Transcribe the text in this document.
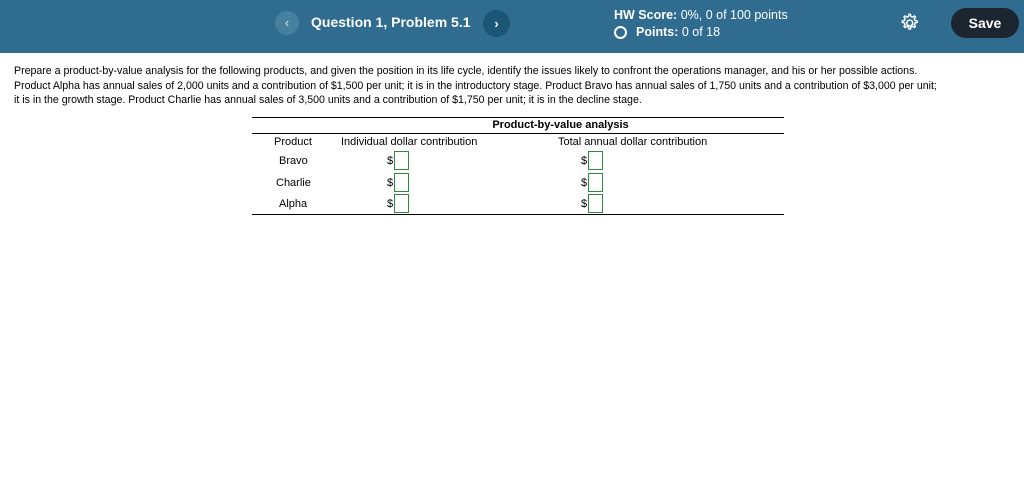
‹	Question 1, Problem 5.1	›
HW Score: 0%, 0 of 100 points
Points: 0 of 18
Save
Prepare a product-by-value analysis for the following products, and given the position in its life cycle, identify the issues likely to confront the operations manager, and his or her possible actions.
Product Alpha has annual sales of 2,000 units and a contribution of $1,500 per unit; it is in the introductory stage. Product Bravo has annual sales of 1,750 units and a contribution of $3,000 per unit;
it is in the growth stage. Product Charlie has annual sales of 3,500 units and a contribution of $1,750 per unit; it is in the decline stage.
Product-by-value analysis
Product	Individual dollar contribution	Total annual dollar contribution
Bravo	$	$
Charlie	$	$
Alpha	$	$
